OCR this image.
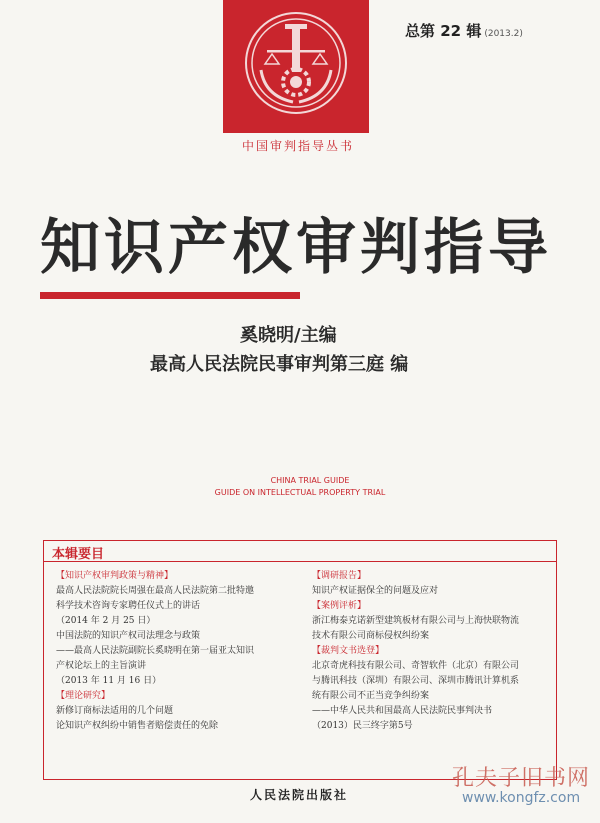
总第 22 辑 (2013.2)
中国审判指导丛书
知识产权审判指导
奚晓明/主编
最高人民法院民事审判第三庭 编
CHINA TRIAL GUIDE
GUIDE ON INTELLECTUAL PROPERTY TRIAL
本辑要目
【知识产权审判政策与精神】
最高人民法院院长周强在最高人民法院第二批特邀
科学技术咨询专家聘任仪式上的讲话
（2014 年 2 月 25 日）
中国法院的知识产权司法理念与政策
——最高人民法院副院长奚晓明在第一届亚太知识
产权论坛上的主旨演讲
（2013 年 11 月 16 日）
【理论研究】
新修订商标法适用的几个问题
论知识产权纠纷中销售者赔偿责任的免除
【调研报告】
知识产权证据保全的问题及应对
【案例评析】
浙江梅泰克诺新型建筑板材有限公司与上海快联物流
技术有限公司商标侵权纠纷案
【裁判文书选登】
北京奇虎科技有限公司、奇智软件（北京）有限公司
与腾讯科技（深圳）有限公司、深圳市腾讯计算机系
统有限公司不正当竞争纠纷案
——中华人民共和国最高人民法院民事判决书
（2013）民三终字第5号
人民法院出版社
孔夫子旧书网
www.kongfz.com
